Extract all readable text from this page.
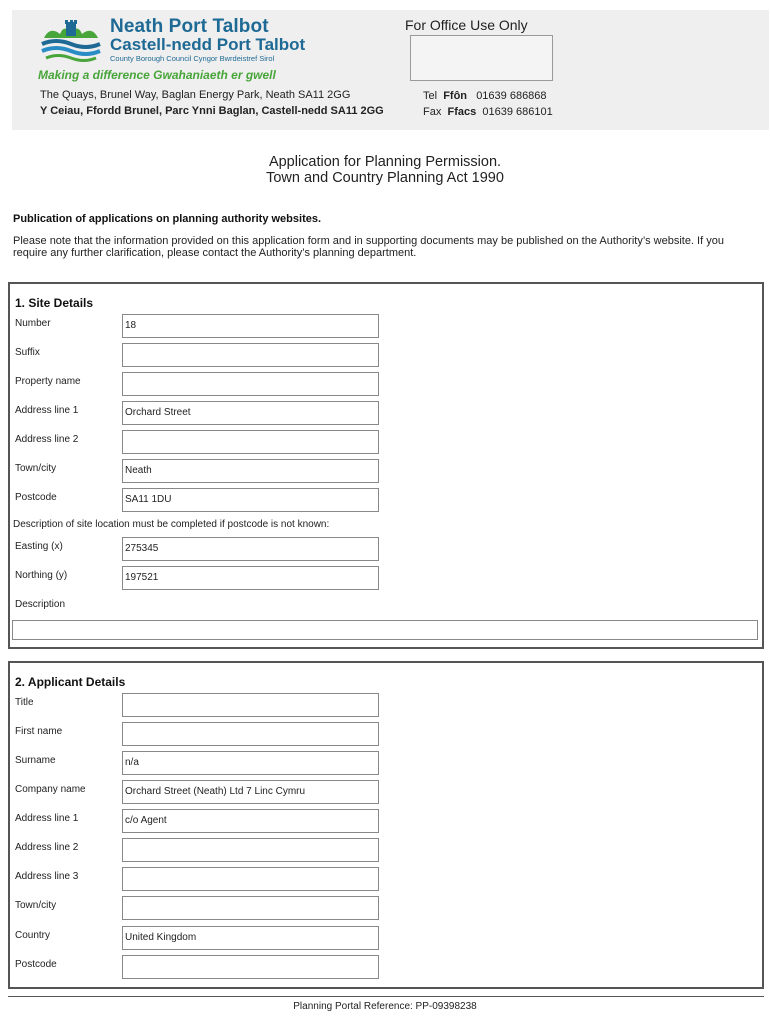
Neath Port Talbot
Castell-nedd Port Talbot
County Borough Council Cyngor Bwrdeistref Sirol
Making a difference Gwahaniaeth er gwell
The Quays, Brunel Way, Baglan Energy Park, Neath SA11 2GG
Y Ceiau, Ffordd Brunel, Parc Ynni Baglan, Castell-nedd SA11 2GG
For Office Use Only
Tel Ffôn 01639 686868
Fax Ffacs 01639 686101
Application for Planning Permission.
Town and Country Planning Act 1990
Publication of applications on planning authority websites.
Please note that the information provided on this application form and in supporting documents may be published on the Authority’s website. If you require any further clarification, please contact the Authority’s planning department.
1. Site Details
Number	18
Suffix
Property name
Address line 1	Orchard Street
Address line 2
Town/city	Neath
Postcode	SA11 1DU
Description of site location must be completed if postcode is not known:
Easting (x)	275345
Northing (y)	197521
Description
2. Applicant Details
Title
First name
Surname	n/a
Company name	Orchard Street (Neath) Ltd 7 Linc Cymru
Address line 1	c/o Agent
Address line 2
Address line 3
Town/city
Country	United Kingdom
Postcode
Planning Portal Reference: PP-09398238
